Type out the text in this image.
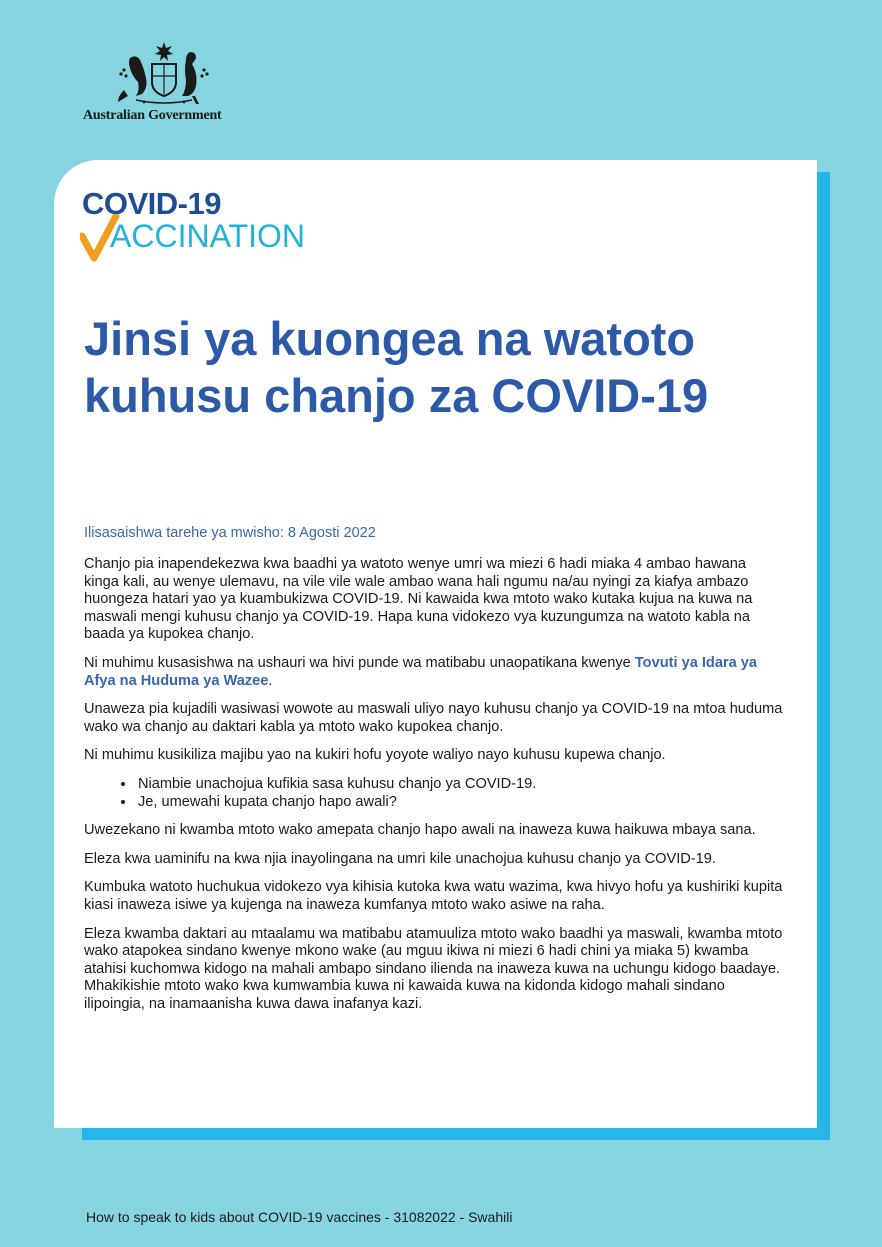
Australian Government
COVID-19
ACCINATION
Jinsi ya kuongea na watoto kuhusu chanjo za COVID-19
Ilisasaishwa tarehe ya mwisho: 8 Agosti 2022

Chanjo pia inapendekezwa kwa baadhi ya watoto wenye umri wa miezi 6 hadi miaka 4 ambao hawana kinga kali, au wenye ulemavu, na vile vile wale ambao wana hali ngumu na/au nyingi za kiafya ambazo huongeza hatari yao ya kuambukizwa COVID-19. Ni kawaida kwa mtoto wako kutaka kujua na kuwa na maswali mengi kuhusu chanjo ya COVID-19. Hapa kuna vidokezo vya kuzungumza na watoto kabla na baada ya kupokea chanjo.

Ni muhimu kusasishwa na ushauri wa hivi punde wa matibabu unaopatikana kwenye Tovuti ya Idara ya Afya na Huduma ya Wazee.

Unaweza pia kujadili wasiwasi wowote au maswali uliyo nayo kuhusu chanjo ya COVID-19 na mtoa huduma wako wa chanjo au daktari kabla ya mtoto wako kupokea chanjo.

Ni muhimu kusikiliza majibu yao na kukiri hofu yoyote waliyo nayo kuhusu kupewa chanjo.

• Niambie unachojua kufikia sasa kuhusu chanjo ya COVID-19.
• Je, umewahi kupata chanjo hapo awali?

Uwezekano ni kwamba mtoto wako amepata chanjo hapo awali na inaweza kuwa haikuwa mbaya sana.

Eleza kwa uaminifu na kwa njia inayolingana na umri kile unachojua kuhusu chanjo ya COVID-19.

Kumbuka watoto huchukua vidokezo vya kihisia kutoka kwa watu wazima, kwa hivyo hofu ya kushiriki kupita kiasi inaweza isiwe ya kujenga na inaweza kumfanya mtoto wako asiwe na raha.

Eleza kwamba daktari au mtaalamu wa matibabu atamuuliza mtoto wako baadhi ya maswali, kwamba mtoto wako atapokea sindano kwenye mkono wake (au mguu ikiwa ni miezi 6 hadi chini ya miaka 5) kwamba atahisi kuchomwa kidogo na mahali ambapo sindano ilienda na inaweza kuwa na uchungu kidogo baadaye. Mhakikishie mtoto wako kwa kumwambia kuwa ni kawaida kuwa na kidonda kidogo mahali sindano ilipoingia, na inamaanisha kuwa dawa inafanya kazi.

How to speak to kids about COVID-19 vaccines - 31082022 - Swahili
